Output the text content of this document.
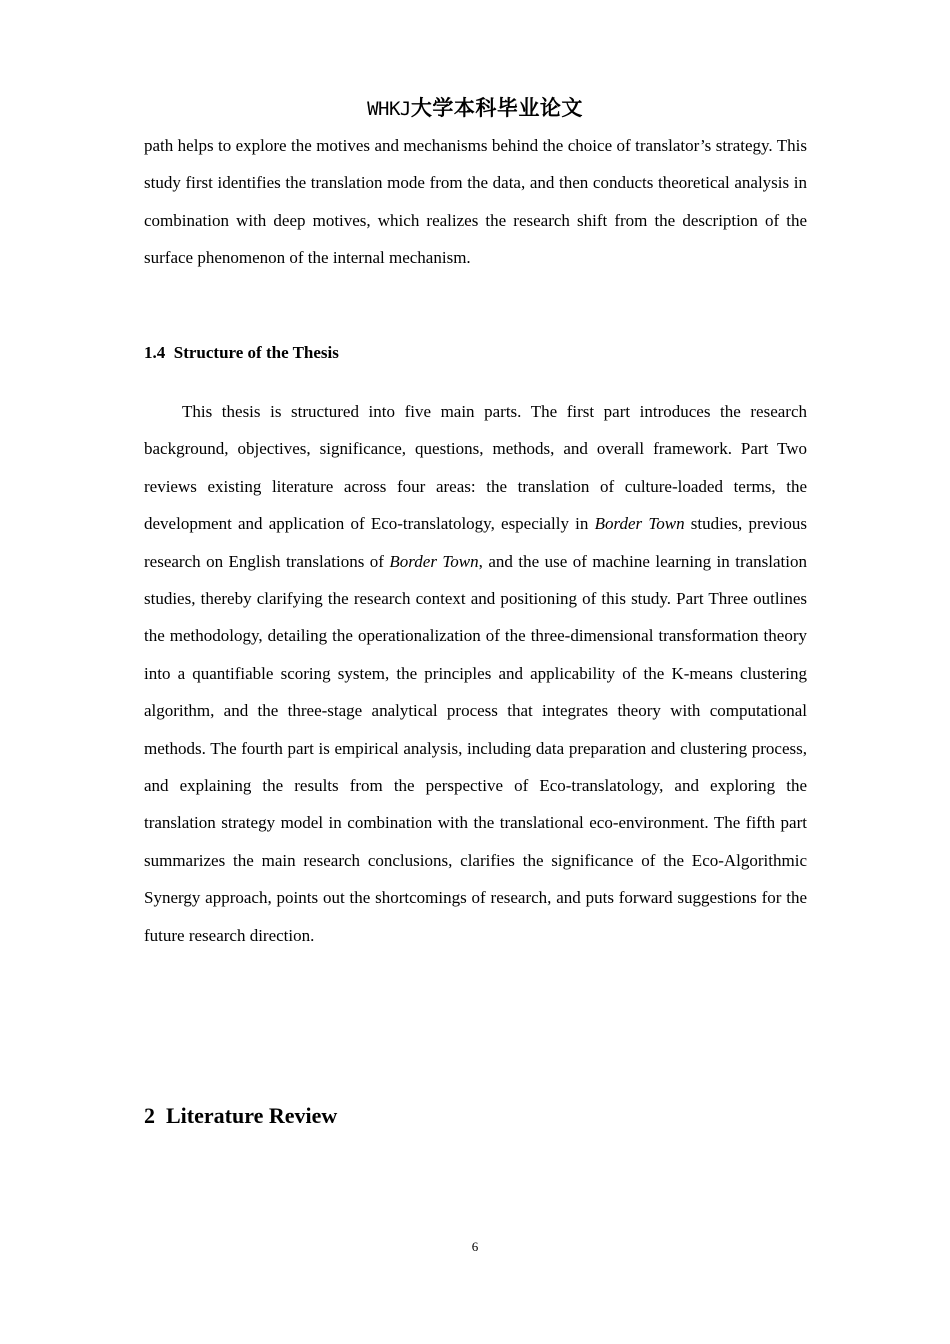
WHKJ大学本科毕业论文

path helps to explore the motives and mechanisms behind the choice of translator’s strategy. This study first identifies the translation mode from the data, and then conducts theoretical analysis in combination with deep motives, which realizes the research shift from the description of the surface phenomenon of the internal mechanism.

1.4 Structure of the Thesis

This thesis is structured into five main parts. The first part introduces the research background, objectives, significance, questions, methods, and overall framework. Part Two reviews existing literature across four areas: the translation of culture-loaded terms, the development and application of Eco-translatology, especially in Border Town studies, previous research on English translations of Border Town, and the use of machine learning in translation studies, thereby clarifying the research context and positioning of this study. Part Three outlines the methodology, detailing the operationalization of the three-dimensional transformation theory into a quantifiable scoring system, the principles and applicability of the K-means clustering algorithm, and the three-stage analytical process that integrates theory with computational methods. The fourth part is empirical analysis, including data preparation and clustering process, and explaining the results from the perspective of Eco-translatology, and exploring the translation strategy model in combination with the translational eco-environment. The fifth part summarizes the main research conclusions, clarifies the significance of the Eco-Algorithmic Synergy approach, points out the shortcomings of research, and puts forward suggestions for the future research direction.

2 Literature Review

6
